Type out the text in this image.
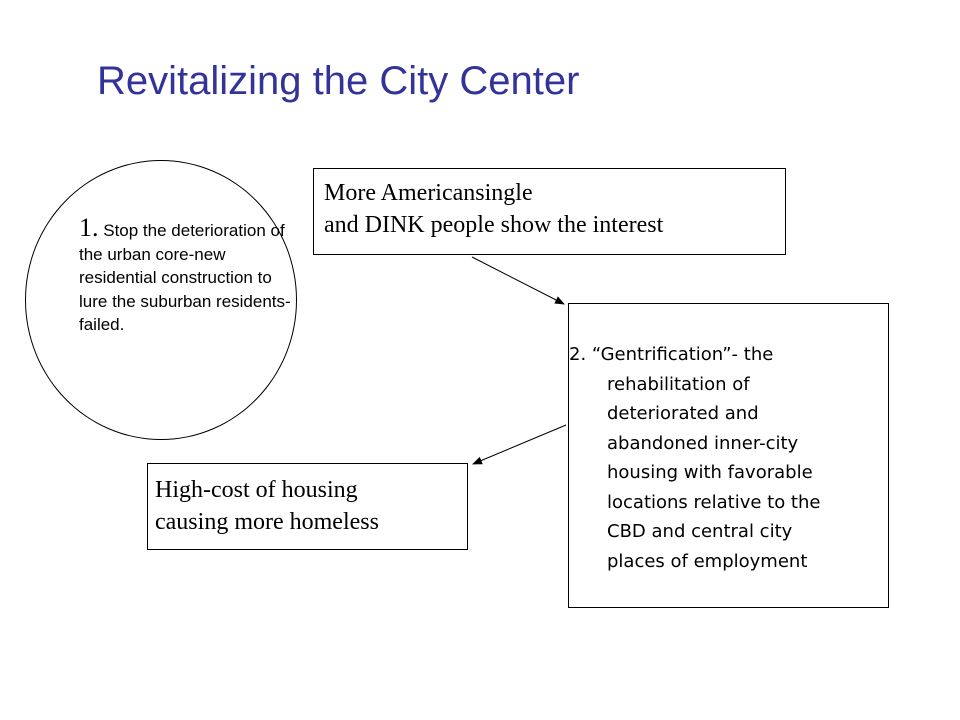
Revitalizing the City Center

1. Stop the deterioration of the urban core-new residential construction to lure the suburban residents- failed.

More Americansingle
and DINK people show the interest
2. “Gentrification”- the
rehabilitation of
deteriorated and
abandoned inner-city
housing with favorable
locations relative to the
CBD and central city
places of employment
High-cost of housing
causing more homeless
